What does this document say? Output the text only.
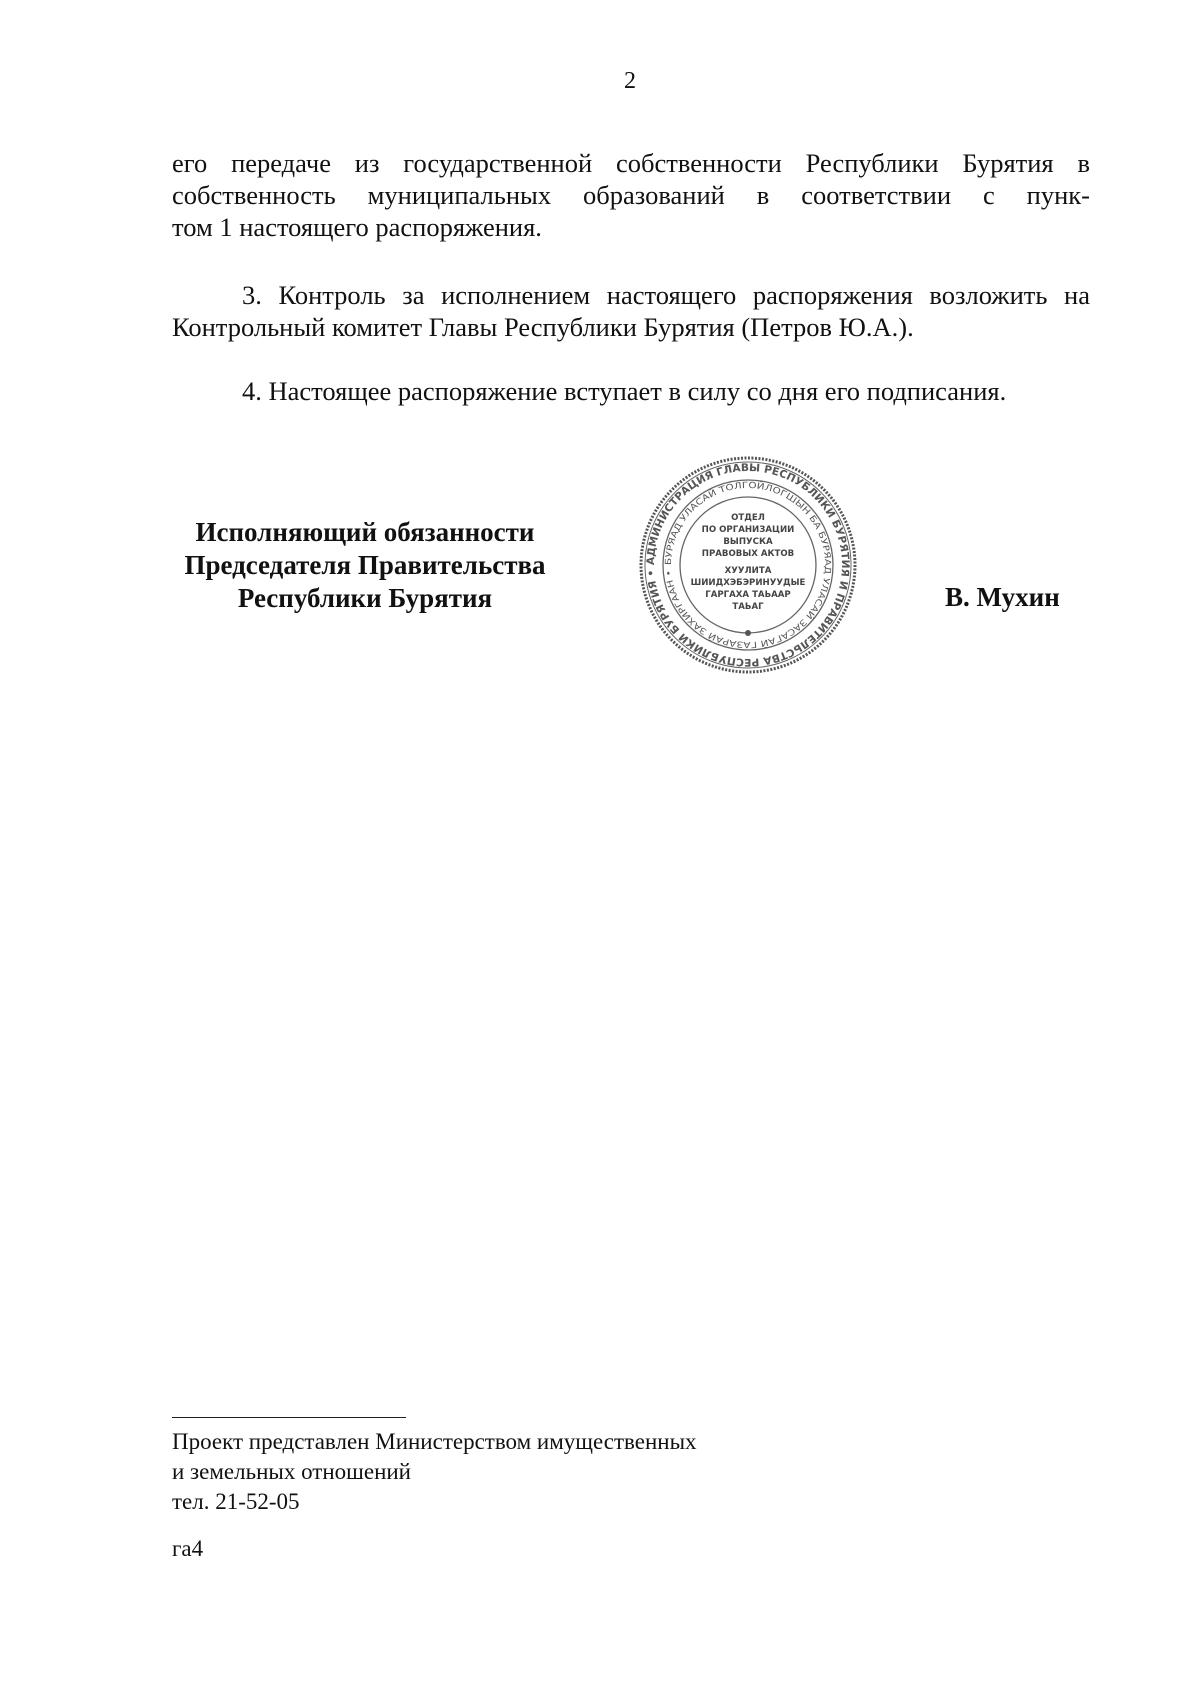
2
его передаче из государственной собственности Республики Бурятия в
собственность муниципальных образований в соответствии с пунк-
том 1 настоящего распоряжения.
3. Контроль за исполнением настоящего распоряжения возложить на
Контрольный комитет Главы Республики Бурятия (Петров Ю.А.).
4. Настоящее распоряжение вступает в силу со дня его подписания.
Исполняющий обязанности
Председателя Правительства
Республики Бурятия
АДМИНИСТРАЦИЯ ГЛАВЫ РЕСПУБЛИКИ БУРЯТИЯ И ПРАВИТЕЛЬСТВА РЕСПУБЛИКИ БУРЯТИЯ •
БУРЯАД УЛАСАЙ ТОЛГОЙЛОГШЫН БА БУРЯАД УЛАСАЙ ЗАСАГАЙ ГАЗАРАЙ ЗАХИРГААН •
ОТДЕЛ
ПО ОРГАНИЗАЦИИ
ВЫПУСКА
ПРАВОВЫХ АКТОВ
ХУУЛИТА
ШИИДХЭБЭРИНУУДЫЕ
ГАРГАХА ТАЬААР
ТАЬАГ	В. Мухин
Проект представлен Министерством имущественных
и земельных отношений
тел. 21-52-05
га4
